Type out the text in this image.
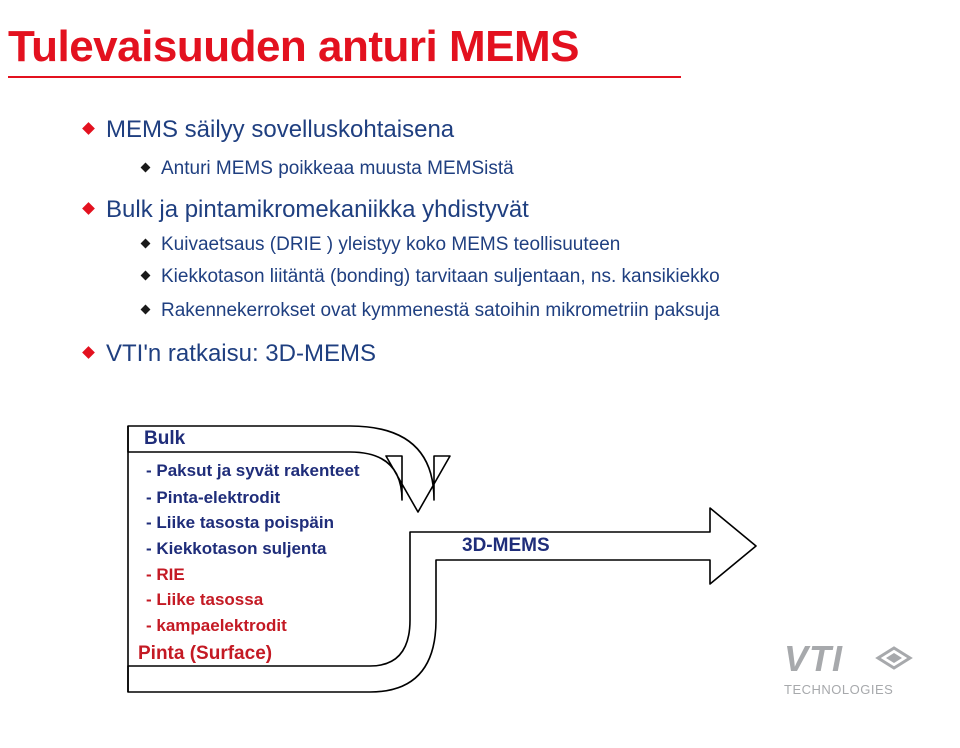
Tulevaisuuden anturi MEMS
MEMS säilyy sovelluskohtaisena
Anturi MEMS poikkeaa muusta MEMSistä
Bulk ja pintamikromekaniikka yhdistyvät
Kuivaetsaus (DRIE ) yleistyy koko MEMS teollisuuteen
Kiekkotason liitäntä (bonding) tarvitaan suljentaan, ns. kansikiekko
Rakennekerrokset ovat kymmenestä satoihin mikrometriin paksuja
VTI'n ratkaisu: 3D-MEMS
Bulk
- Paksut ja syvät rakenteet
- Pinta-elektrodit
- Liike tasosta poispäin
- Kiekkotason suljenta
- RIE
- Liike tasossa
- kampaelektrodit
Pinta (Surface)
3D-MEMS
VTI
TECHNOLOGIES
